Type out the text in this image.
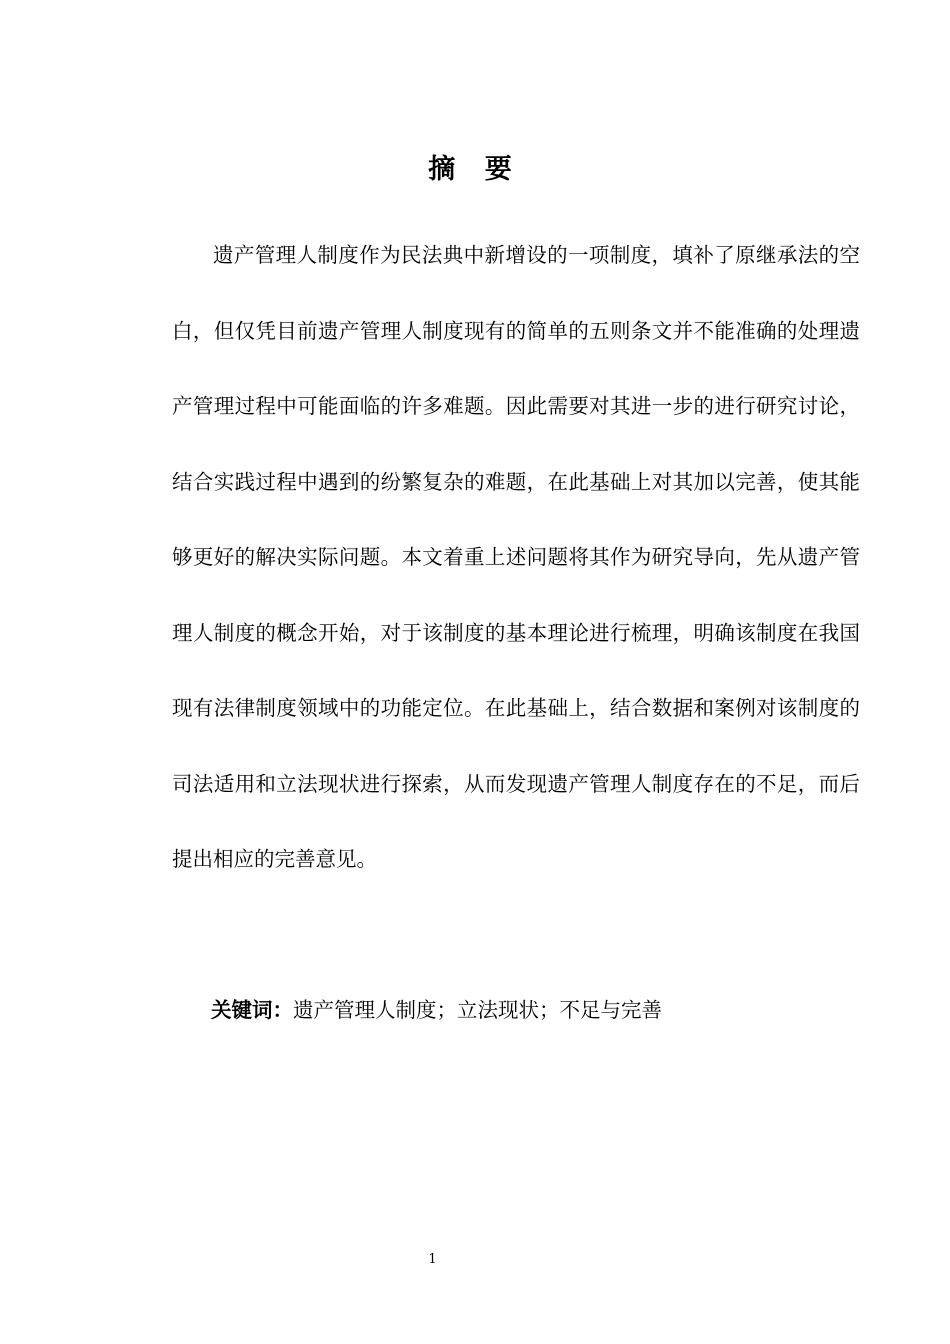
摘 要

遗产管理人制度作为民法典中新增设的一项制度，填补了原继承法的空白，但仅凭目前遗产管理人制度现有的简单的五则条文并不能准确的处理遗产管理过程中可能面临的许多难题。因此需要对其进一步的进行研究讨论，结合实践过程中遇到的纷繁复杂的难题，在此基础上对其加以完善，使其能够更好的解决实际问题。本文着重上述问题将其作为研究导向，先从遗产管理人制度的概念开始，对于该制度的基本理论进行梳理，明确该制度在我国现有法律制度领域中的功能定位。在此基础上，结合数据和案例对该制度的司法适用和立法现状进行探索，从而发现遗产管理人制度存在的不足，而后提出相应的完善意见。

关键词：遗产管理人制度；立法现状；不足与完善
1
